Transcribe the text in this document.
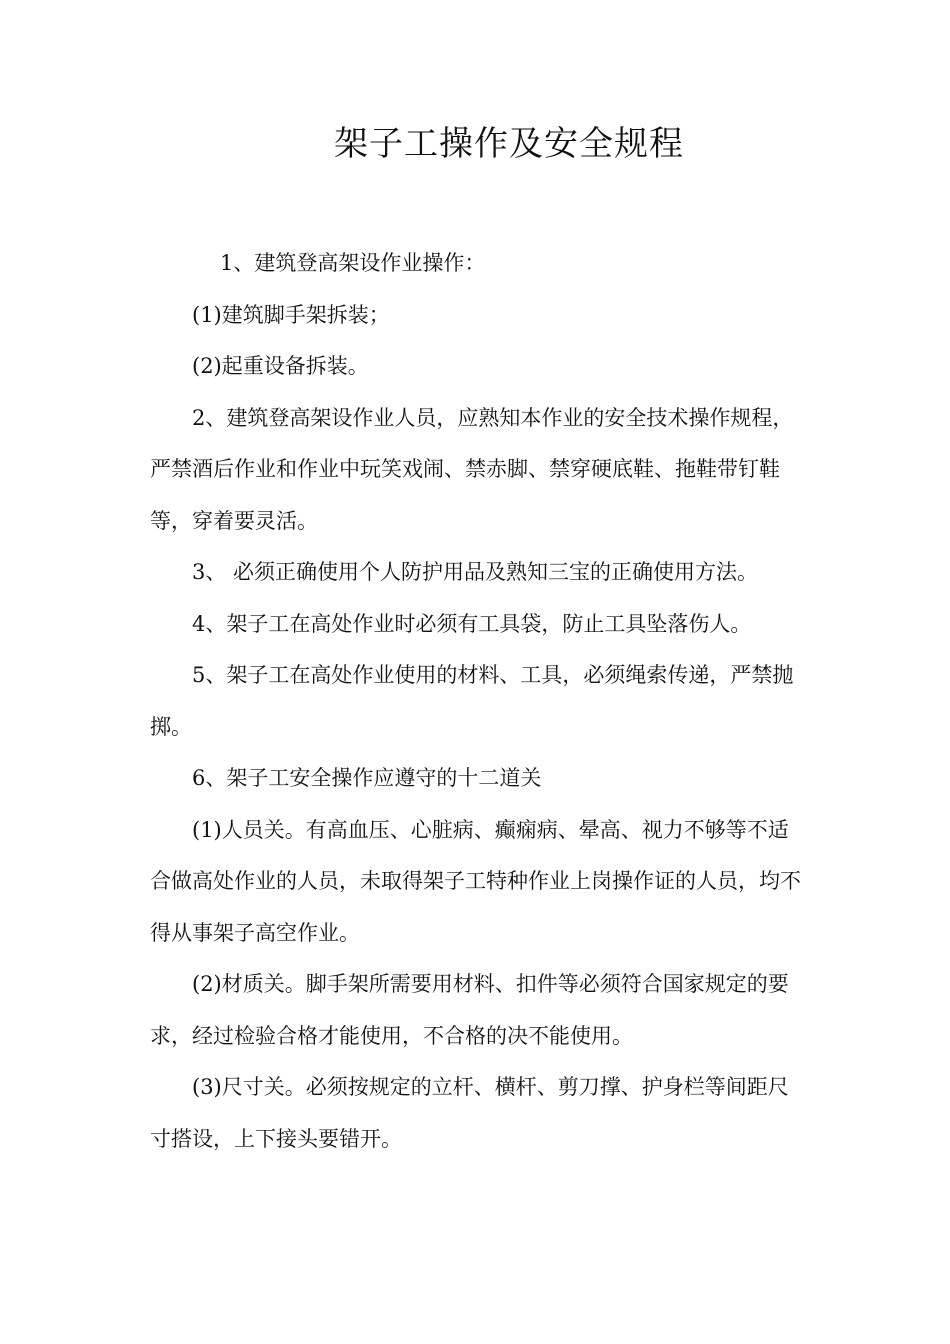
架子工操作及安全规程

1、建筑登高架设作业操作：

(1)建筑脚手架拆装；

(2)起重设备拆装。

2、建筑登高架设作业人员，应熟知本作业的安全技术操作规程，严禁酒后作业和作业中玩笑戏闹、禁赤脚、禁穿硬底鞋、拖鞋带钉鞋等，穿着要灵活。

3、 必须正确使用个人防护用品及熟知三宝的正确使用方法。

4、架子工在高处作业时必须有工具袋，防止工具坠落伤人。

5、架子工在高处作业使用的材料、工具，必须绳索传递，严禁抛掷。

6、架子工安全操作应遵守的十二道关

(1)人员关。有高血压、心脏病、癫痫病、晕高、视力不够等不适合做高处作业的人员，未取得架子工特种作业上岗操作证的人员，均不得从事架子高空作业。

(2)材质关。脚手架所需要用材料、扣件等必须符合国家规定的要求，经过检验合格才能使用，不合格的决不能使用。

(3)尺寸关。必须按规定的立杆、横杆、剪刀撑、护身栏等间距尺寸搭设，上下接头要错开。
